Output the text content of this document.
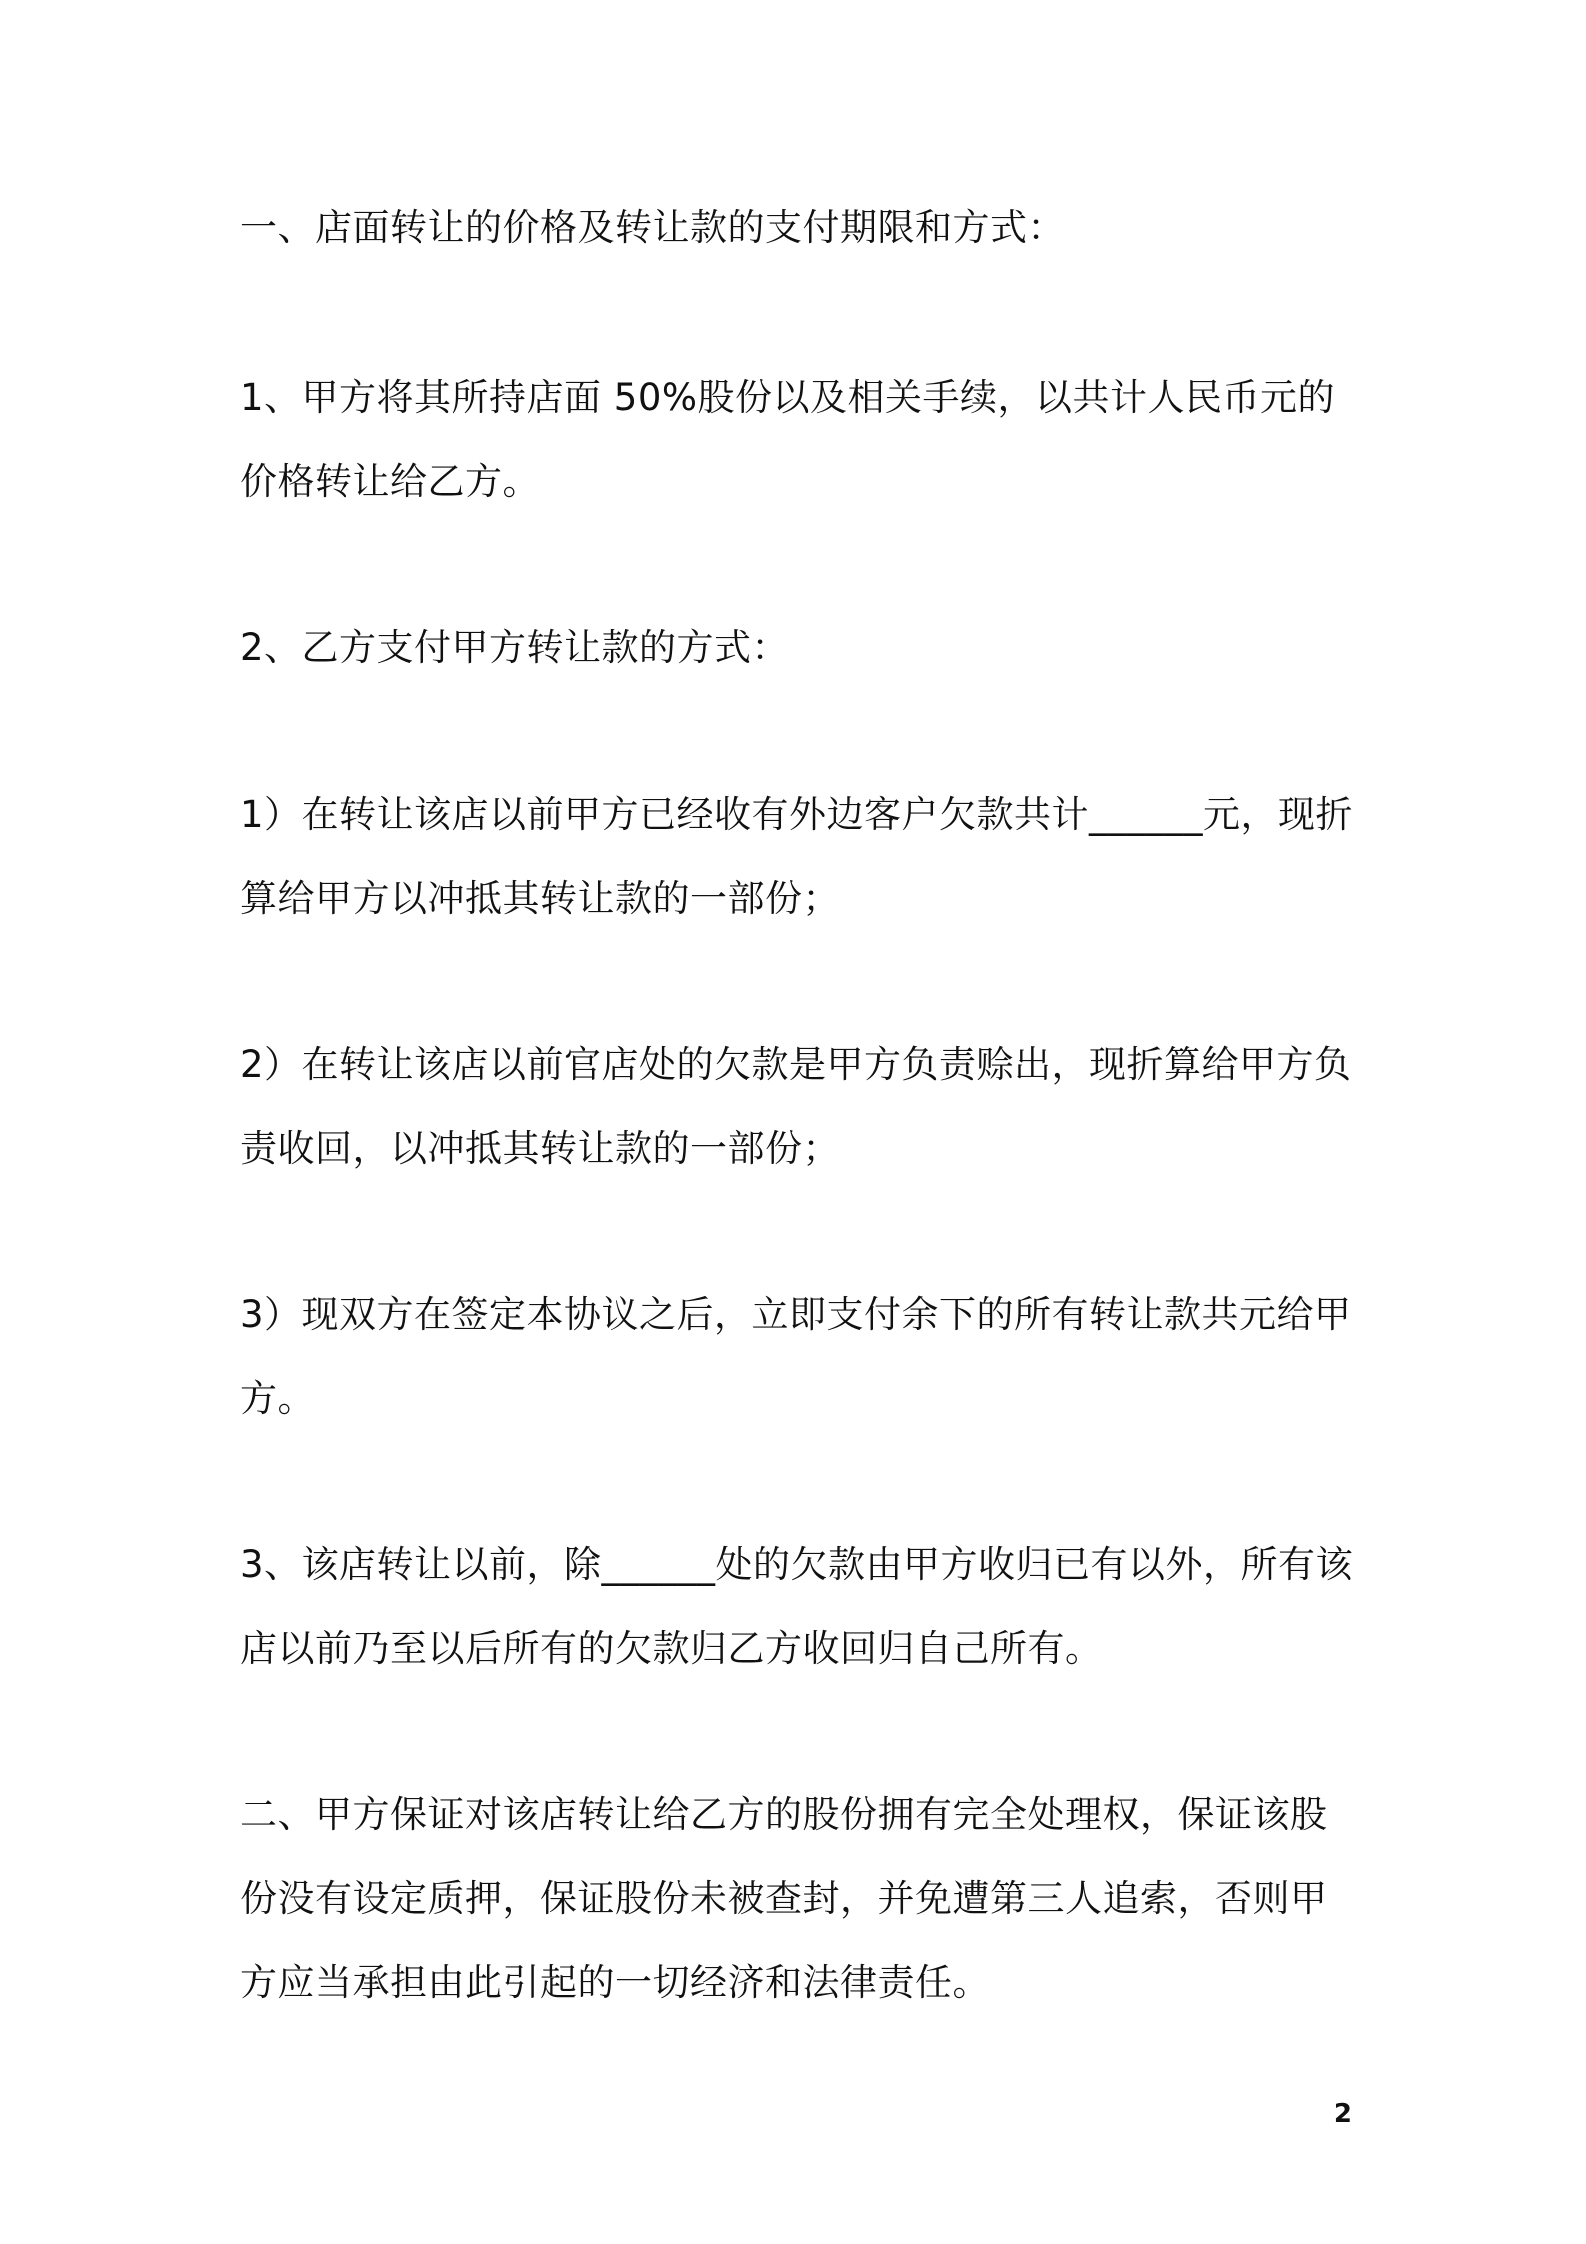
一、店面转让的价格及转让款的支付期限和方式：

1、甲方将其所持店面 50%股份以及相关手续，以共计人民币元的价格转让给乙方。

2、乙方支付甲方转让款的方式：

1）在转让该店以前甲方已经收有外边客户欠款共计______元，现折算给甲方以冲抵其转让款的一部份；

2）在转让该店以前官店处的欠款是甲方负责赊出，现折算给甲方负责收回，以冲抵其转让款的一部份；

3）现双方在签定本协议之后，立即支付余下的所有转让款共元给甲方。

3、该店转让以前，除______处的欠款由甲方收归已有以外，所有该店以前乃至以后所有的欠款归乙方收回归自己所有。

二、甲方保证对该店转让给乙方的股份拥有完全处理权，保证该股份没有设定质押，保证股份未被查封，并免遭第三人追索，否则甲方应当承担由此引起的一切经济和法律责任。

2
